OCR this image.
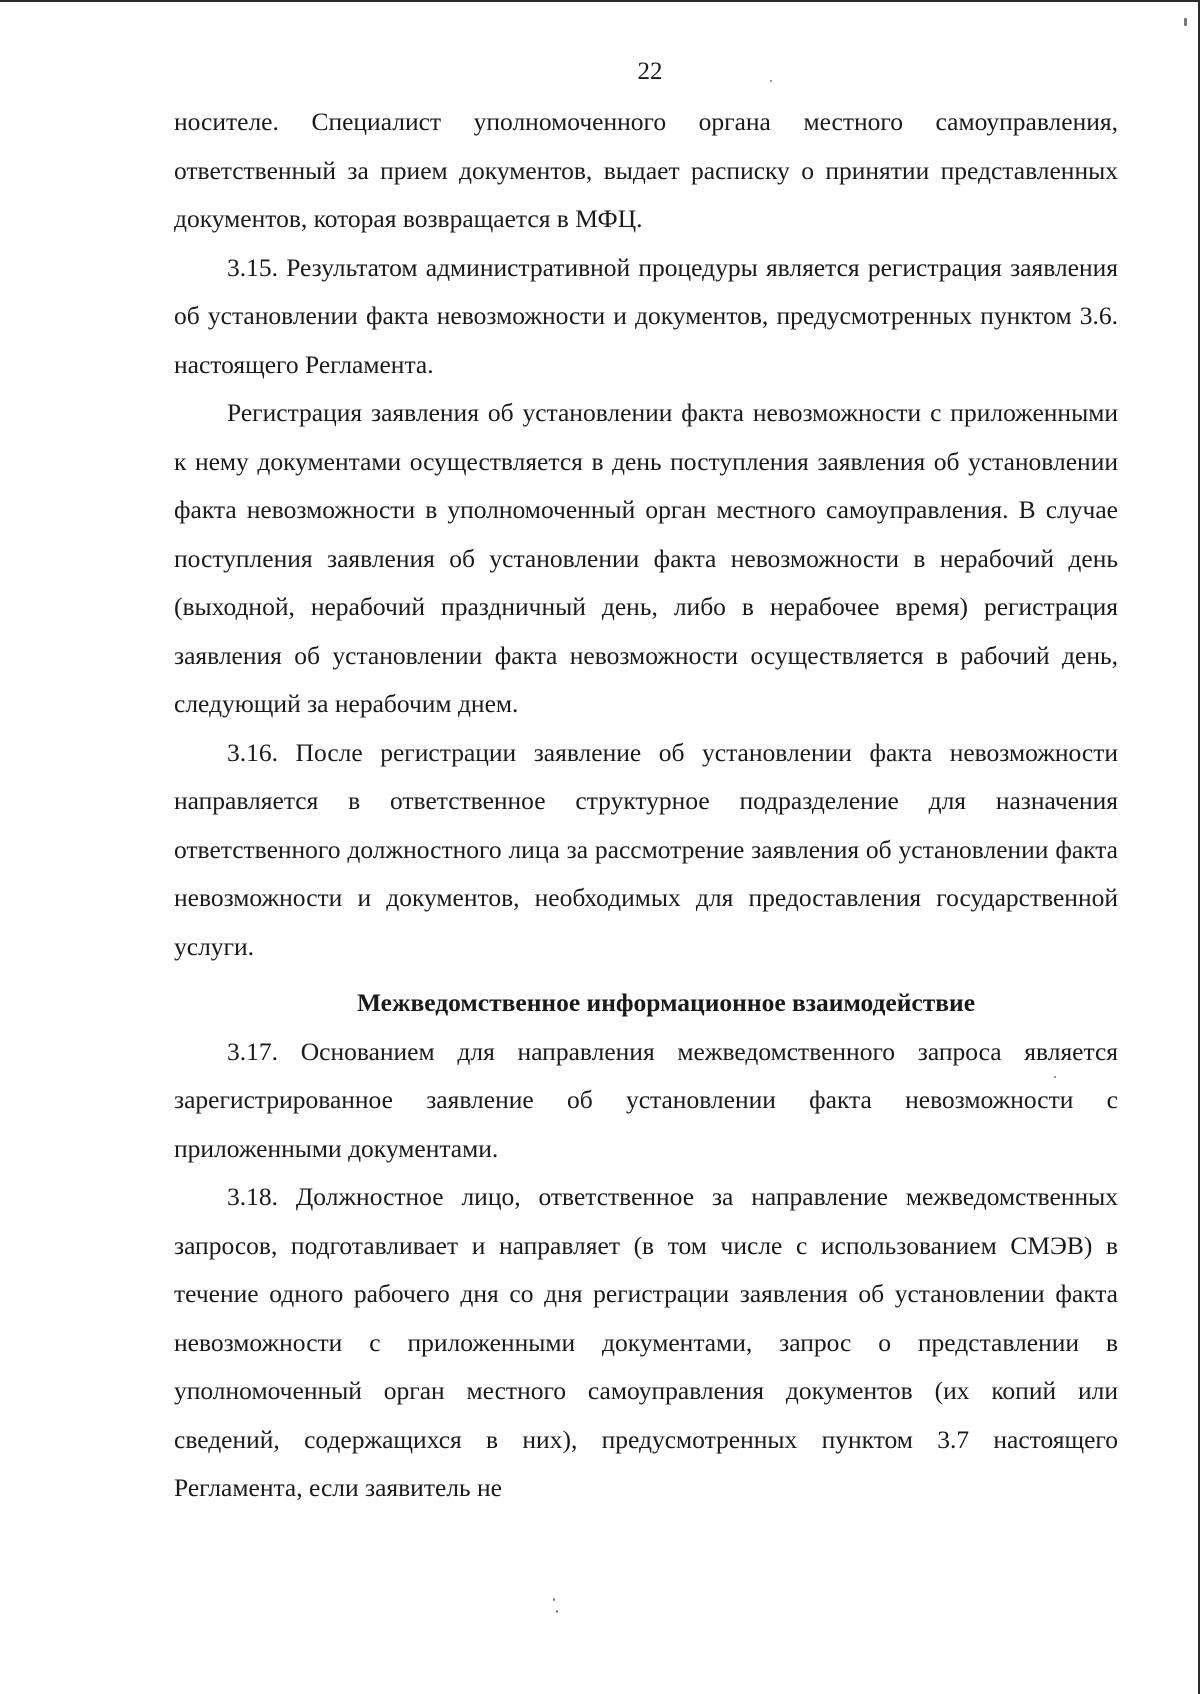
22

носителе. Специалист уполномоченного органа местного самоуправления, ответственный за прием документов, выдает расписку о принятии представленных документов, которая возвращается в МФЦ.

3.15. Результатом административной процедуры является регистрация заявления об установлении факта невозможности и документов, предусмотренных пунктом 3.6. настоящего Регламента.

Регистрация заявления об установлении факта невозможности с приложенными к нему документами осуществляется в день поступления заявления об установлении факта невозможности в уполномоченный орган местного самоуправления. В случае поступления заявления об установлении факта невозможности в нерабочий день (выходной, нерабочий праздничный день, либо в нерабочее время) регистрация заявления об установлении факта невозможности осуществляется в рабочий день, следующий за нерабочим днем.

3.16. После регистрации заявление об установлении факта невозможности направляется в ответственное структурное подразделение для назначения ответственного должностного лица за рассмотрение заявления об установлении факта невозможности и документов, необходимых для предоставления государственной услуги.

Межведомственное информационное взаимодействие

3.17. Основанием для направления межведомственного запроса является зарегистрированное заявление об установлении факта невозможности с приложенными документами.

3.18. Должностное лицо, ответственное за направление межведомственных запросов, подготавливает и направляет (в том числе с использованием СМЭВ) в течение одного рабочего дня со дня регистрации заявления об установлении факта невозможности с приложенными документами, запрос о представлении в уполномоченный орган местного самоуправления документов (их копий или сведений, содержащихся в них), предусмотренных пунктом 3.7 настоящего Регламента, если заявитель не
